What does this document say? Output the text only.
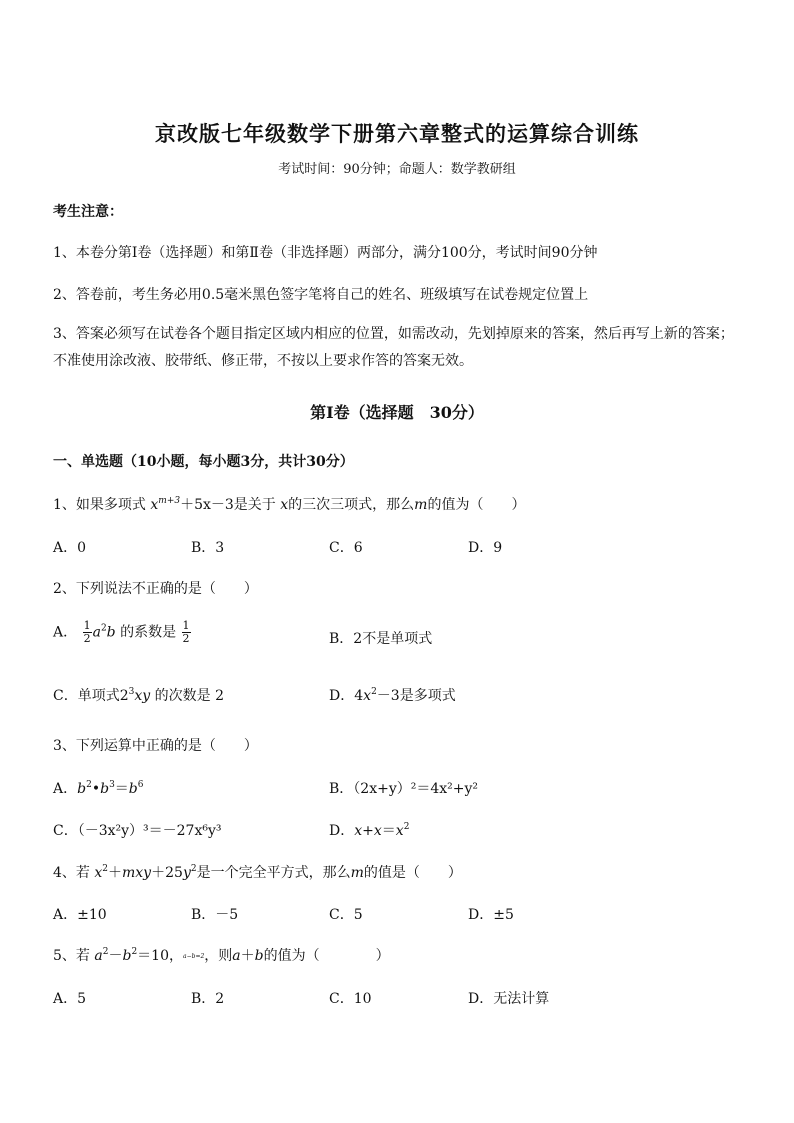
京改版七年级数学下册第六章整式的运算综合训练
考试时间：90分钟；命题人：数学教研组
考生注意：
1、本卷分第Ⅰ卷（选择题）和第Ⅱ卷（非选择题）两部分，满分100分，考试时间90分钟
2、答卷前，考生务必用0.5毫米黑色签字笔将自己的姓名、班级填写在试卷规定位置上
3、答案必须写在试卷各个题目指定区域内相应的位置，如需改动，先划掉原来的答案，然后再写上新的答案；不准使用涂改液、胶带纸、修正带，不按以上要求作答的答案无效。
第Ⅰ卷（选择题　30分）
一、单选题（10小题，每小题3分，共计30分）
1、如果多项式 $x^{m+3}+5x-3$是关于 x的三次三项式，那么m的值为（　　）
A．0	B．3	C．6	D．9
2、下列说法不正确的是（　　）
A． $\frac{1}{2} a^2b$ 的系数是 $\frac{1}{2}$	B．2不是单项式
C．单项式$2^3xy$ 的次数是 2	D．$4x^2-3$是多项式
3、下列运算中正确的是（　　）
A．$b^2•b^3=b^6$	B．（2x+y）²＝4x²+y²
C．（－3x²y）³＝－27x⁶y³	D．$x+x=x^2$
4、若 $x^2+mxy+25y^2$是一个完全平方式，那么m的值是（　　）
A．±10	B．－5	C．5	D．±5
5、若 $a^2-b^2=10$，a−b=2，则a＋b的值为（　　　　）
A．5	B．2	C．10	D．无法计算
